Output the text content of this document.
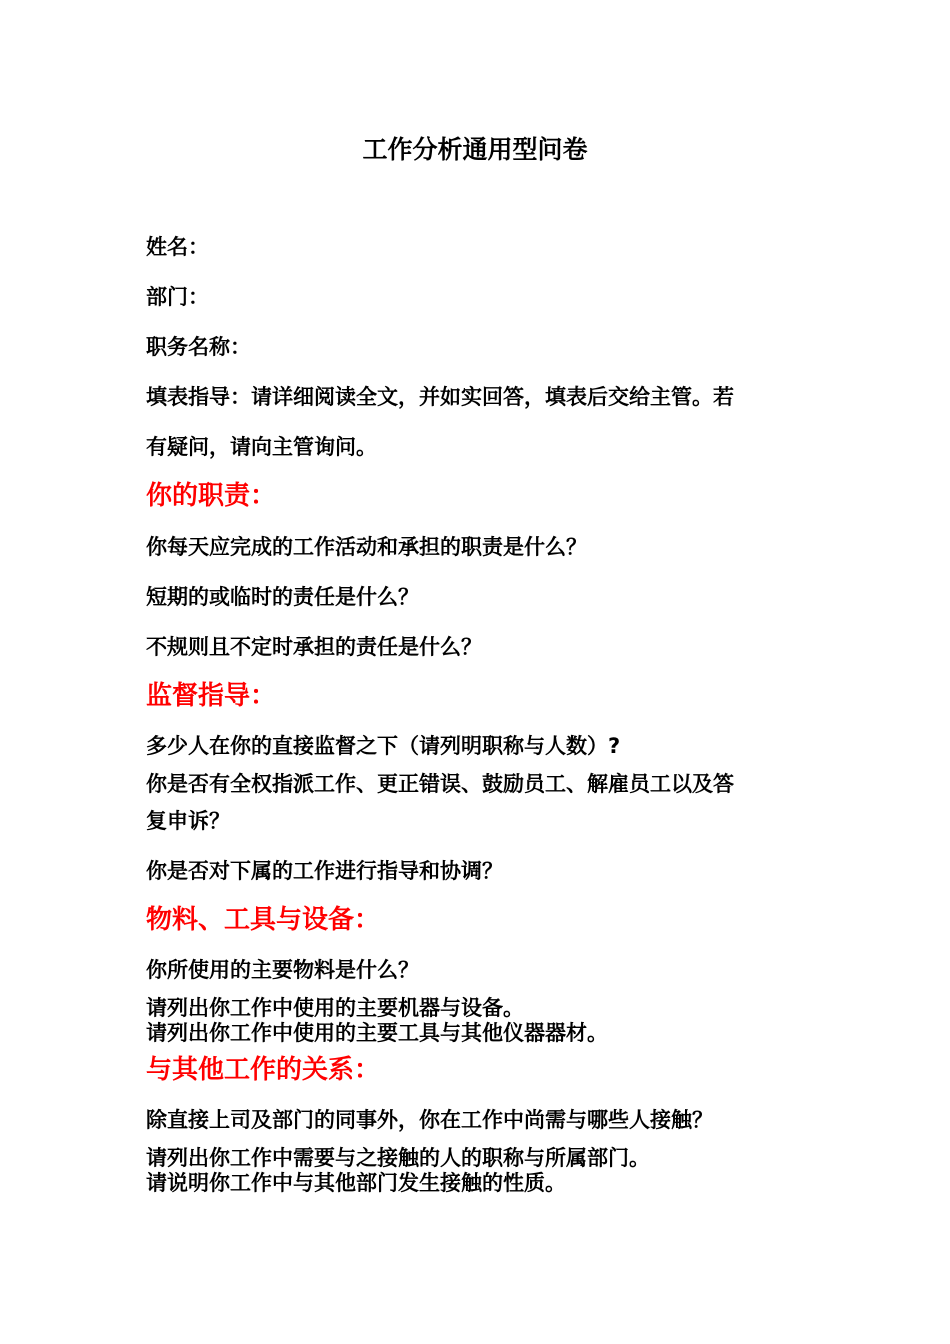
工作分析通用型问卷

姓名：

部门：

职务名称：

填表指导：请详细阅读全文，并如实回答，填表后交给主管。若

有疑问，请向主管询问。

你的职责：

你每天应完成的工作活动和承担的职责是什么？

短期的或临时的责任是什么？

不规则且不定时承担的责任是什么？

监督指导：

多少人在你的直接监督之下（请列明职称与人数）?

你是否有全权指派工作、更正错误、鼓励员工、解雇员工以及答

复申诉？

你是否对下属的工作进行指导和协调？

物料、工具与设备：

你所使用的主要物料是什么？

请列出你工作中使用的主要机器与设备。

请列出你工作中使用的主要工具与其他仪器器材。

与其他工作的关系：

除直接上司及部门的同事外，你在工作中尚需与哪些人接触？

请列出你工作中需要与之接触的人的职称与所属部门。

请说明你工作中与其他部门发生接触的性质。
